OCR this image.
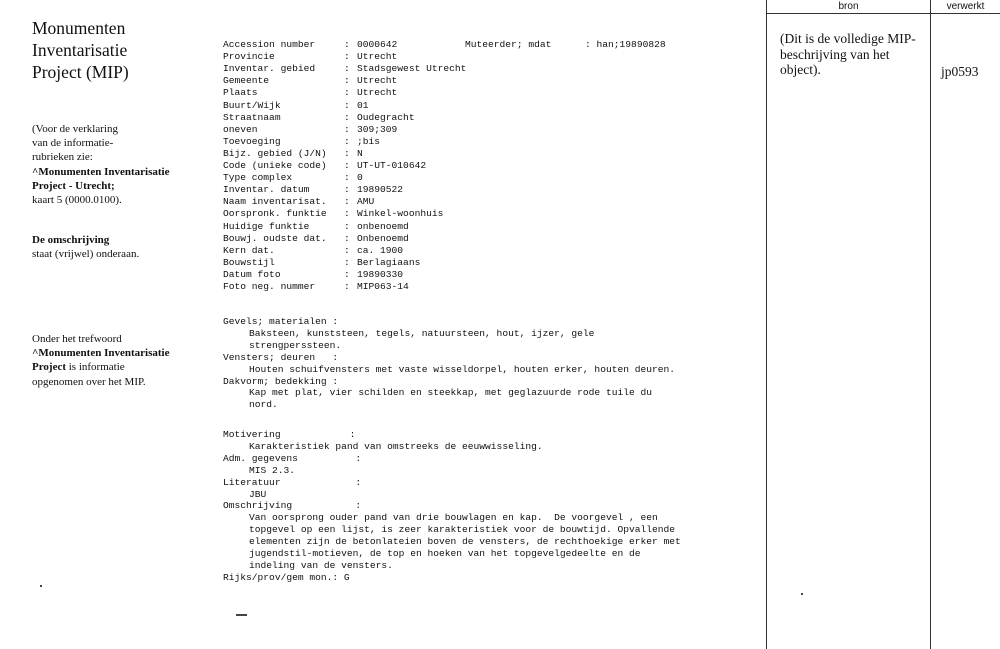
Monumenten
Inventarisatie
Project (MIP)
(Voor de verklaring
van de informatie-
rubrieken zie:
^Monumenten Inventarisatie
Project - Utrecht;
kaart 5 (0000.0100).
De omschrijving
staat (vrijwel) onderaan.
Onder het trefwoord
^Monumenten Inventarisatie
Project is informatie
opgenomen over het MIP.
Accession number	: 0000642
Provincie	: Utrecht
Inventar. gebied	: Stadsgewest Utrecht
Gemeente	: Utrecht
Plaats	: Utrecht
Buurt/Wijk	: 01
Straatnaam	: Oudegracht
oneven	: 309;309
Toevoeging	: ;bis
Bijz. gebied (J/N)	: N
Code (unieke code)	: UT-UT-010642
Type complex	: 0
Inventar. datum	: 19890522
Naam inventarisat.	: AMU
Oorspronk. funktie	: Winkel-woonhuis
Huidige funktie	: onbenoemd
Bouwj. oudste dat.	: Onbenoemd
Kern dat.	: ca. 1900
Bouwstijl	: Berlagiaans
Datum foto	: 19890330
Foto neg. nummer	: MIP063-14
Muteerder; mdat	: han;19890828
Gevels; materialen :
Baksteen, kunststeen, tegels, natuursteen, hout, ijzer, gele
strengperssteen.
Vensters; deuren   :
Houten schuifvensters met vaste wisseldorpel, houten erker, houten deuren.
Dakvorm; bedekking :
Kap met plat, vier schilden en steekkap, met geglazuurde rode tuile du
nord.
Motivering            :
Karakteristiek pand van omstreeks de eeuwwisseling.
Adm. gegevens          :
MIS 2.3.
Literatuur             :
JBU
Omschrijving           :
Van oorsprong ouder pand van drie bouwlagen en kap.  De voorgevel , een
topgevel op een lijst, is zeer karakteristiek voor de bouwtijd. Opvallende
elementen zijn de betonlateien boven de vensters, de rechthoekige erker met
jugendstil-motieven, de top en hoeken van het topgevelgedeelte en de
indeling van de vensters.
Rijks/prov/gem mon.: G
bron	verwerkt
(Dit is de volledige MIP-beschrijving van het object).	jp0593
